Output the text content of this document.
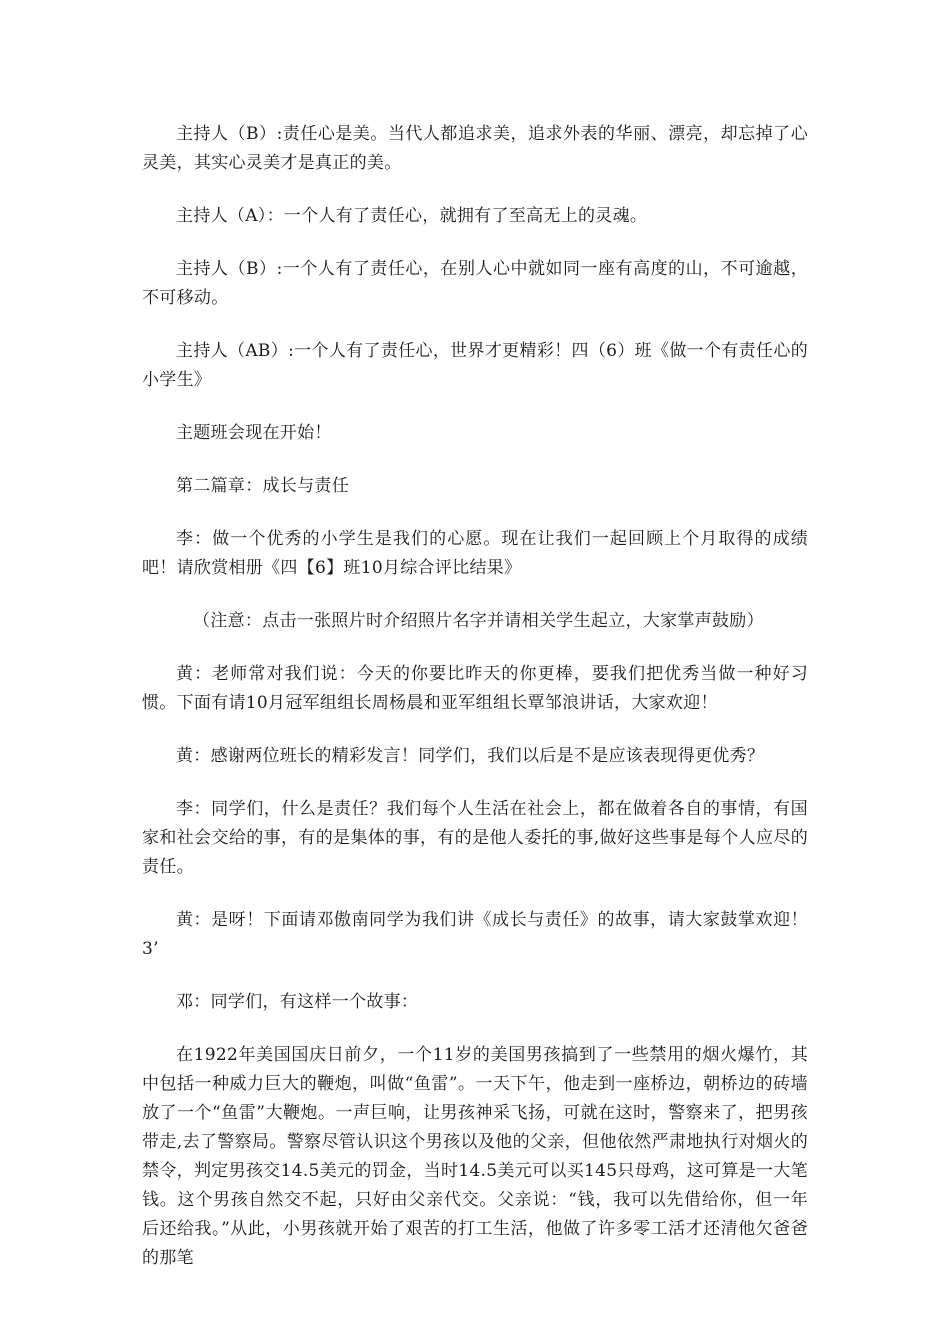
主持人（B）:责任心是美。当代人都追求美，追求外表的华丽、漂亮，却忘掉了心灵美，其实心灵美才是真正的美。

主持人（A）：一个人有了责任心，就拥有了至高无上的灵魂。

主持人（B）:一个人有了责任心，在别人心中就如同一座有高度的山，不可逾越，不可移动。

主持人（AB）:一个人有了责任心，世界才更精彩！四（6）班《做一个有责任心的小学生》

主题班会现在开始！

第二篇章：成长与责任

李：做一个优秀的小学生是我们的心愿。现在让我们一起回顾上个月取得的成绩吧！请欣赏相册《四【6】班10月综合评比结果》

（注意：点击一张照片时介绍照片名字并请相关学生起立，大家掌声鼓励）

黄：老师常对我们说：今天的你要比昨天的你更棒，要我们把优秀当做一种好习惯。下面有请10月冠军组组长周杨晨和亚军组组长覃邹浪讲话，大家欢迎！

黄：感谢两位班长的精彩发言！同学们，我们以后是不是应该表现得更优秀？

李：同学们，什么是责任？我们每个人生活在社会上，都在做着各自的事情，有国家和社会交给的事，有的是集体的事，有的是他人委托的事,做好这些事是每个人应尽的责任。

黄：是呀！下面请邓傲南同学为我们讲《成长与责任》的故事，请大家鼓掌欢迎！3’

邓：同学们，有这样一个故事：

在1922年美国国庆日前夕，一个11岁的美国男孩搞到了一些禁用的烟火爆竹，其中包括一种威力巨大的鞭炮，叫做“鱼雷”。一天下午，他走到一座桥边，朝桥边的砖墙放了一个“鱼雷”大鞭炮。一声巨响，让男孩神采飞扬，可就在这时，警察来了，把男孩带走,去了警察局。警察尽管认识这个男孩以及他的父亲，但他依然严肃地执行对烟火的禁令，判定男孩交14.5美元的罚金，当时14.5美元可以买145只母鸡，这可算是一大笔钱。这个男孩自然交不起，只好由父亲代交。父亲说：“钱，我可以先借给你，但一年后还给我。”从此，小男孩就开始了艰苦的打工生活，他做了许多零工活才还清他欠爸爸的那笔
